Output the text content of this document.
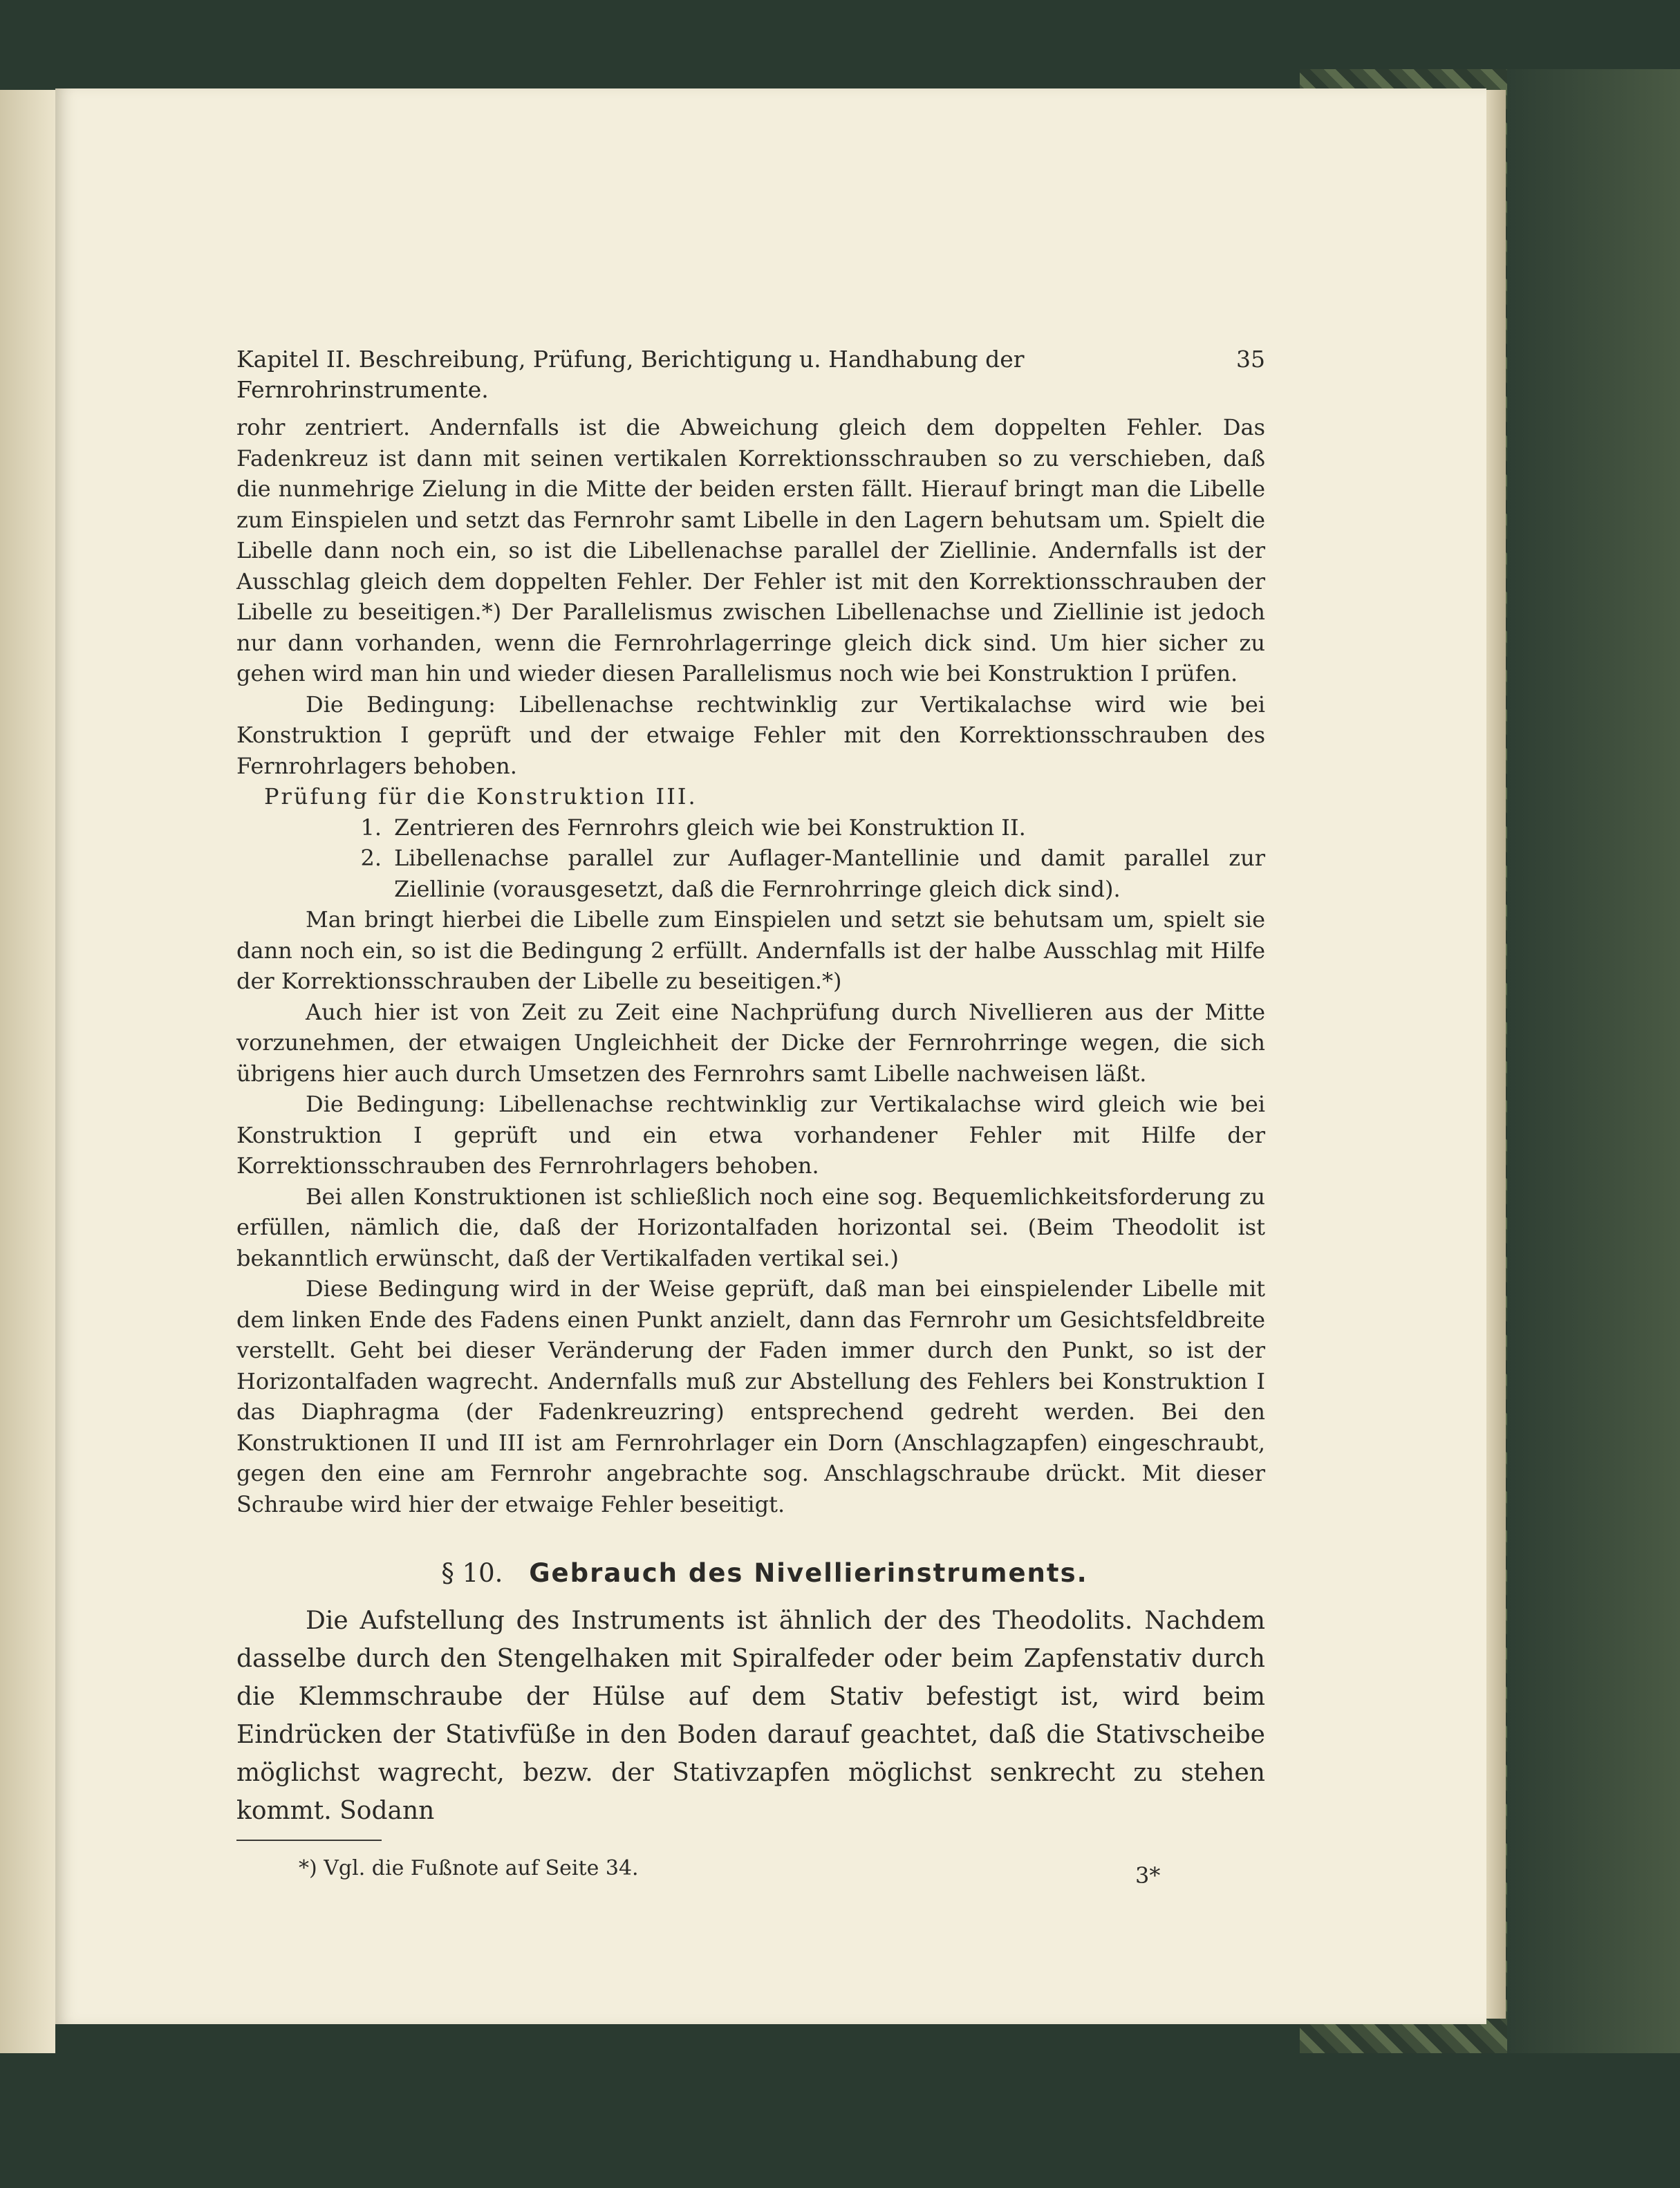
Kapitel II. Beschreibung, Prüfung, Berichtigung u. Handhabung der Fernrohrinstrumente.
35

rohr zentriert. Andernfalls ist die Abweichung gleich dem doppelten Fehler. Das Fadenkreuz ist dann mit seinen vertikalen Korrektionsschrauben so zu verschieben, daß die nunmehrige Zielung in die Mitte der beiden ersten fällt. Hierauf bringt man die Libelle zum Einspielen und setzt das Fernrohr samt Libelle in den Lagern behutsam um. Spielt die Libelle dann noch ein, so ist die Libellenachse parallel der Ziellinie. Andernfalls ist der Ausschlag gleich dem doppelten Fehler. Der Fehler ist mit den Korrektionsschrauben der Libelle zu beseitigen.*) Der Parallelismus zwischen Libellenachse und Ziellinie ist jedoch nur dann vorhanden, wenn die Fernrohrlagerringe gleich dick sind. Um hier sicher zu gehen wird man hin und wieder diesen Parallelismus noch wie bei Konstruktion I prüfen.

Die Bedingung: Libellenachse rechtwinklig zur Vertikalachse wird wie bei Konstruktion I geprüft und der etwaige Fehler mit den Korrektionsschrauben des Fernrohrlagers behoben.

Prüfung für die Konstruktion III.

1. Zentrieren des Fernrohrs gleich wie bei Konstruktion II.
2. Libellenachse parallel zur Auflager-Mantellinie und damit parallel zur Ziellinie (vorausgesetzt, daß die Fernrohrringe gleich dick sind).

Man bringt hierbei die Libelle zum Einspielen und setzt sie behutsam um, spielt sie dann noch ein, so ist die Bedingung 2 erfüllt. Andernfalls ist der halbe Ausschlag mit Hilfe der Korrektionsschrauben der Libelle zu beseitigen.*)

Auch hier ist von Zeit zu Zeit eine Nachprüfung durch Nivellieren aus der Mitte vorzunehmen, der etwaigen Ungleichheit der Dicke der Fernrohrringe wegen, die sich übrigens hier auch durch Umsetzen des Fernrohrs samt Libelle nachweisen läßt.

Die Bedingung: Libellenachse rechtwinklig zur Vertikalachse wird gleich wie bei Konstruktion I geprüft und ein etwa vorhandener Fehler mit Hilfe der Korrektionsschrauben des Fernrohrlagers behoben.

Bei allen Konstruktionen ist schließlich noch eine sog. Bequemlichkeitsforderung zu erfüllen, nämlich die, daß der Horizontalfaden horizontal sei. (Beim Theodolit ist bekanntlich erwünscht, daß der Vertikalfaden vertikal sei.)

Diese Bedingung wird in der Weise geprüft, daß man bei einspielender Libelle mit dem linken Ende des Fadens einen Punkt anzielt, dann das Fernrohr um Gesichtsfeldbreite verstellt. Geht bei dieser Veränderung der Faden immer durch den Punkt, so ist der Horizontalfaden wagrecht. Andernfalls muß zur Abstellung des Fehlers bei Konstruktion I das Diaphragma (der Fadenkreuzring) entsprechend gedreht werden. Bei den Konstruktionen II und III ist am Fernrohrlager ein Dorn (Anschlagzapfen) eingeschraubt, gegen den eine am Fernrohr angebrachte sog. Anschlagschraube drückt. Mit dieser Schraube wird hier der etwaige Fehler beseitigt.

§ 10. Gebrauch des Nivellierinstruments.

Die Aufstellung des Instruments ist ähnlich der des Theodolits. Nachdem dasselbe durch den Stengelhaken mit Spiralfeder oder beim Zapfenstativ durch die Klemmschraube der Hülse auf dem Stativ befestigt ist, wird beim Eindrücken der Stativfüße in den Boden darauf geachtet, daß die Stativscheibe möglichst wagrecht, bezw. der Stativzapfen möglichst senkrecht zu stehen kommt. Sodann

*) Vgl. die Fußnote auf Seite 34.	3*
